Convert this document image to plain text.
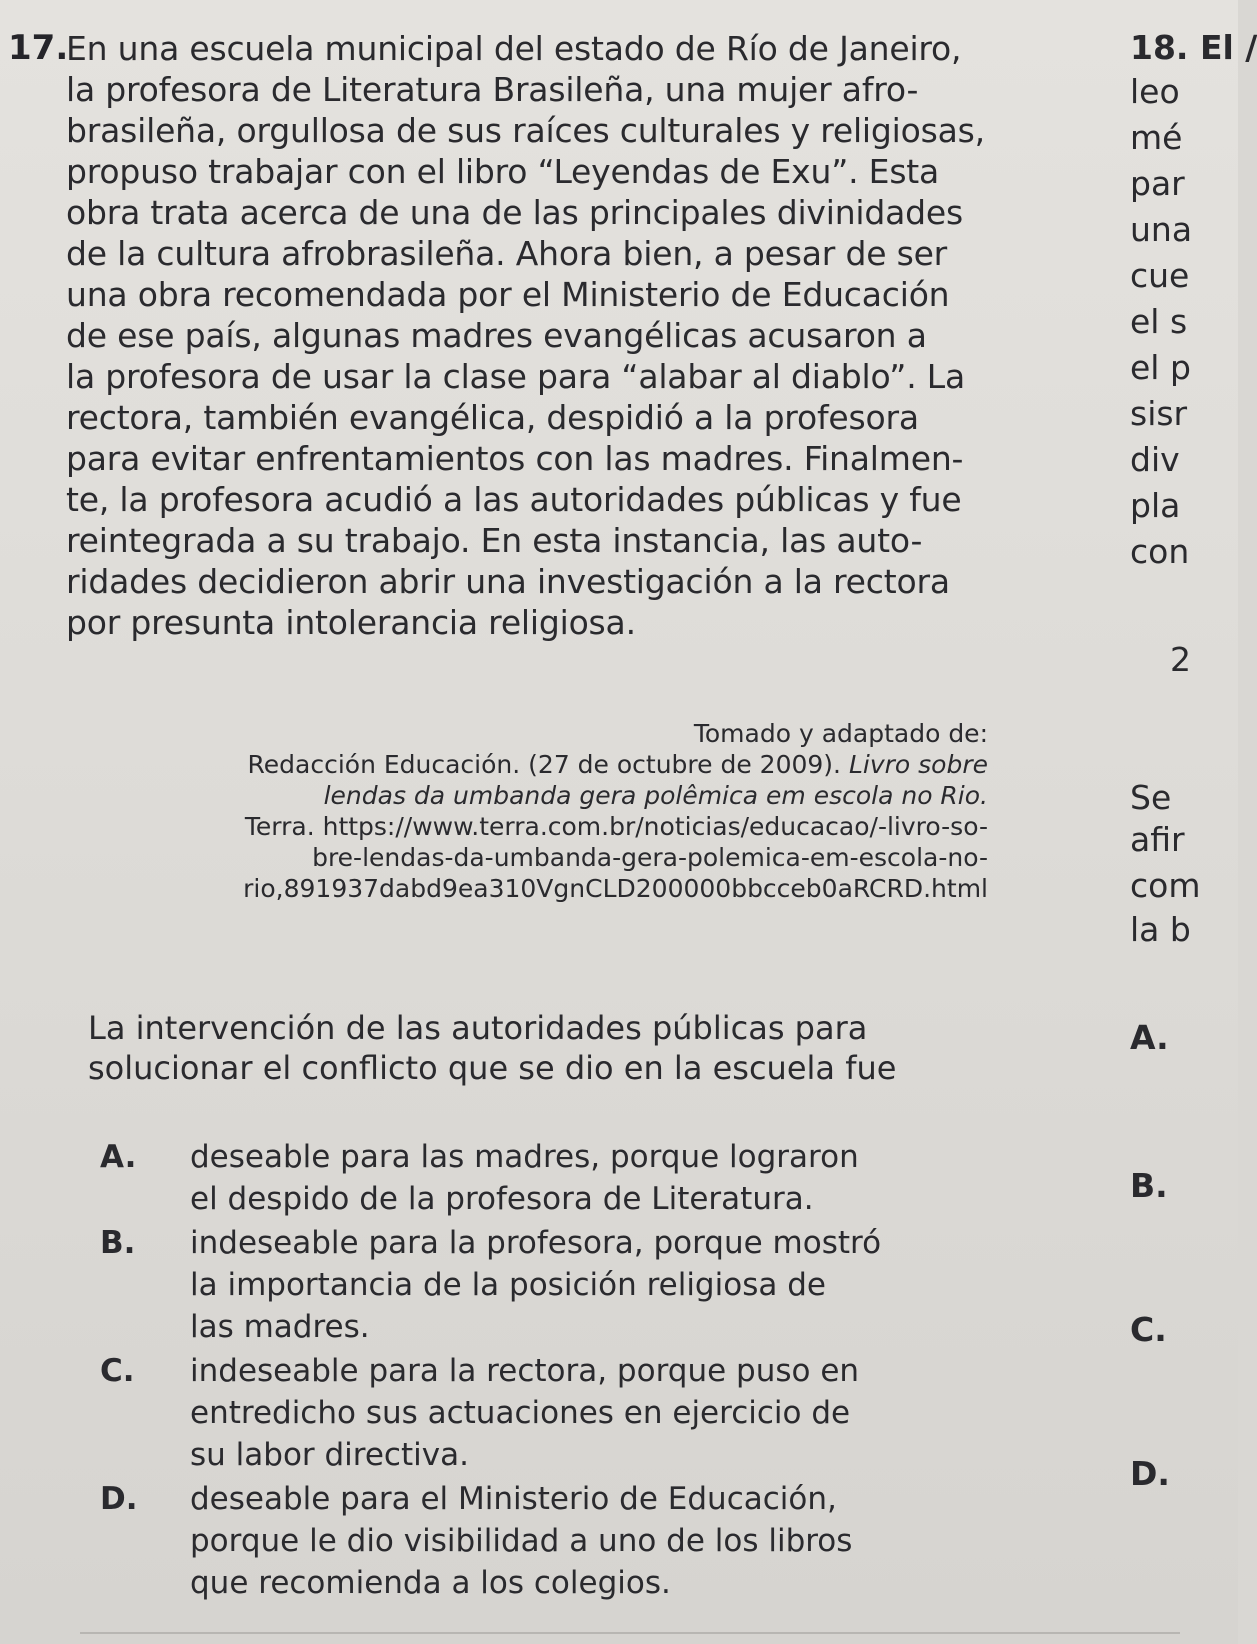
17.
En una escuela municipal del estado de Río de Janeiro,
la profesora de Literatura Brasileña, una mujer afro-
brasileña, orgullosa de sus raíces culturales y religiosas,
propuso trabajar con el libro “Leyendas de Exu”. Esta
obra trata acerca de una de las principales divinidades
de la cultura afrobrasileña. Ahora bien, a pesar de ser
una obra recomendada por el Ministerio de Educación
de ese país, algunas madres evangélicas acusaron a
la profesora de usar la clase para “alabar al diablo”. La
rectora, también evangélica, despidió a la profesora
para evitar enfrentamientos con las madres. Finalmen-
te, la profesora acudió a las autoridades públicas y fue
reintegrada a su trabajo. En esta instancia, las auto-
ridades decidieron abrir una investigación a la rectora
por presunta intolerancia religiosa.
Tomado y adaptado de:
Redacción Educación. (27 de octubre de 2009). Livro sobre
lendas da umbanda gera polêmica em escola no Rio.
Terra. https://www.terra.com.br/noticias/educacao/-livro-so-
bre-lendas-da-umbanda-gera-polemica-em-escola-no-
rio,891937dabd9ea310VgnCLD200000bbcceb0aRCRD.html
La intervención de las autoridades públicas para
solucionar el conflicto que se dio en la escuela fue
A. deseable para las madres, porque lograron
el despido de la profesora de Literatura.
B. indeseable para la profesora, porque mostró
la importancia de la posición religiosa de
las madres.
C. indeseable para la rectora, porque puso en
entredicho sus actuaciones en ejercicio de
su labor directiva.
D. deseable para el Ministerio de Educación,
porque le dio visibilidad a uno de los libros
que recomienda a los colegios.
18. El /
leo
mé
par
una
cue
el s
el p
sisr
div
pla
con
2
Se
afir
com
la b
A.
B.
C.
D.
